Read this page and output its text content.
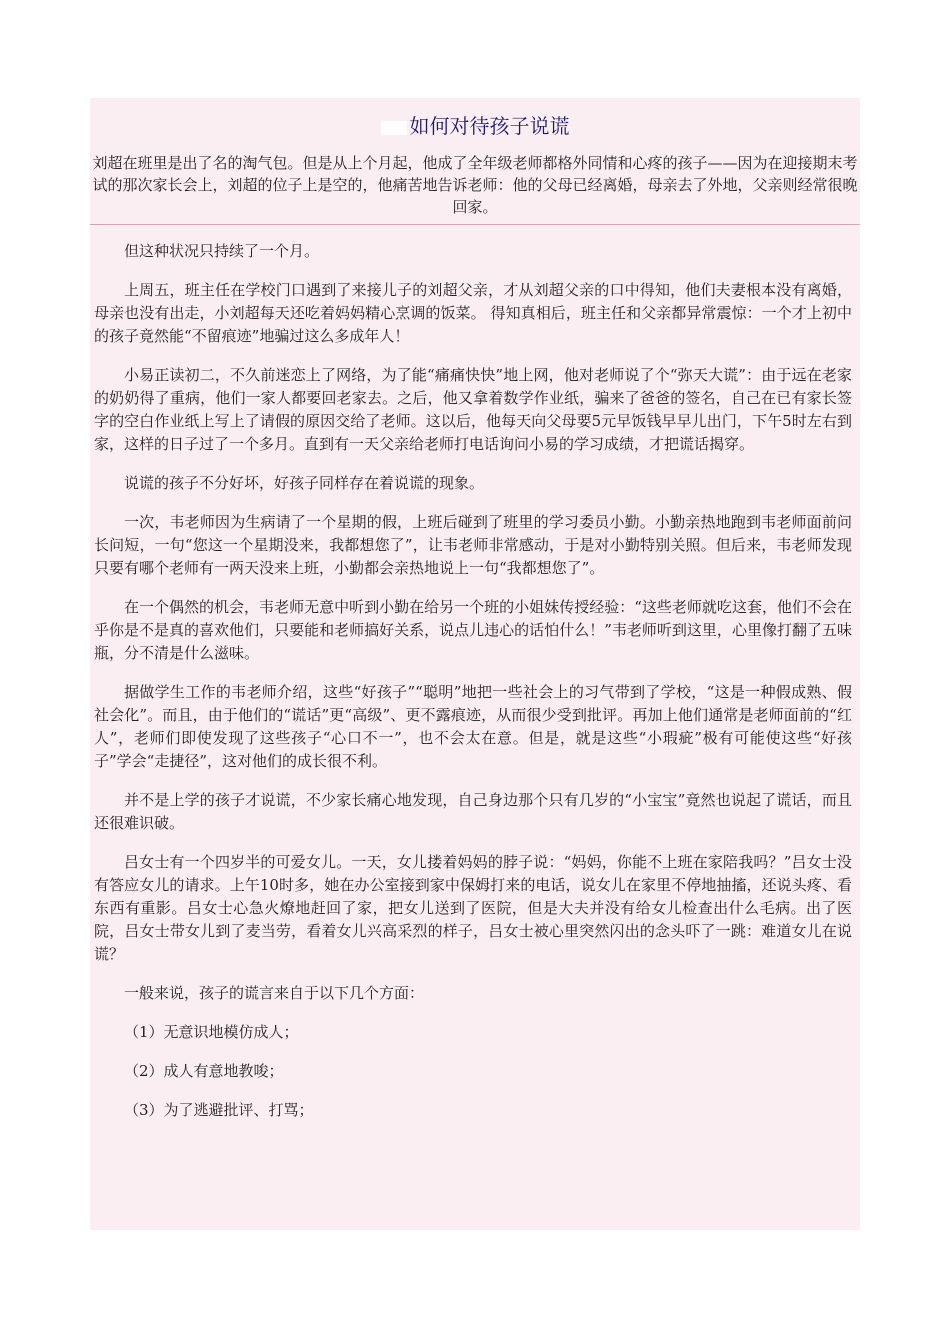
如何对待孩子说谎
刘超在班里是出了名的淘气包。但是从上个月起，他成了全年级老师都格外同情和心疼的孩子——因为在迎接期末考试的那次家长会上，刘超的位子上是空的，他痛苦地告诉老师：他的父母已经离婚，母亲去了外地，父亲则经常很晚回家。

但这种状况只持续了一个月。

上周五，班主任在学校门口遇到了来接儿子的刘超父亲，才从刘超父亲的口中得知，他们夫妻根本没有离婚，母亲也没有出走，小刘超每天还吃着妈妈精心烹调的饭菜。 得知真相后，班主任和父亲都异常震惊：一个才上初中的孩子竟然能“不留痕迹”地骗过这么多成年人！

小易正读初二，不久前迷恋上了网络，为了能“痛痛快快”地上网，他对老师说了个“弥天大谎”：由于远在老家的奶奶得了重病，他们一家人都要回老家去。之后，他又拿着数学作业纸，骗来了爸爸的签名，自己在已有家长签字的空白作业纸上写上了请假的原因交给了老师。这以后，他每天向父母要5元早饭钱早早儿出门，下午5时左右到家，这样的日子过了一个多月。直到有一天父亲给老师打电话询问小易的学习成绩，才把谎话揭穿。

说谎的孩子不分好坏，好孩子同样存在着说谎的现象。

一次，韦老师因为生病请了一个星期的假，上班后碰到了班里的学习委员小勤。小勤亲热地跑到韦老师面前问长问短，一句“您这一个星期没来，我都想您了”，让韦老师非常感动，于是对小勤特别关照。但后来，韦老师发现只要有哪个老师有一两天没来上班，小勤都会亲热地说上一句“我都想您了”。

在一个偶然的机会，韦老师无意中听到小勤在给另一个班的小姐妹传授经验：“这些老师就吃这套，他们不会在乎你是不是真的喜欢他们，只要能和老师搞好关系，说点儿违心的话怕什么！”韦老师听到这里，心里像打翻了五味瓶，分不清是什么滋味。

据做学生工作的韦老师介绍，这些“好孩子”“聪明”地把一些社会上的习气带到了学校，“这是一种假成熟、假社会化”。而且，由于他们的“谎话”更“高级”、更不露痕迹，从而很少受到批评。再加上他们通常是老师面前的“红人”，老师们即使发现了这些孩子“心口不一”，也不会太在意。但是，就是这些“小瑕疵”极有可能使这些“好孩子”学会“走捷径”，这对他们的成长很不利。

并不是上学的孩子才说谎，不少家长痛心地发现，自己身边那个只有几岁的“小宝宝”竟然也说起了谎话，而且还很难识破。

吕女士有一个四岁半的可爱女儿。一天，女儿搂着妈妈的脖子说：“妈妈，你能不上班在家陪我吗？”吕女士没有答应女儿的请求。上午10时多，她在办公室接到家中保姆打来的电话，说女儿在家里不停地抽搐，还说头疼、看东西有重影。吕女士心急火燎地赶回了家，把女儿送到了医院，但是大夫并没有给女儿检查出什么毛病。出了医院，吕女士带女儿到了麦当劳，看着女儿兴高采烈的样子，吕女士被心里突然闪出的念头吓了一跳：难道女儿在说谎？

一般来说，孩子的谎言来自于以下几个方面：

（1）无意识地模仿成人；

（2）成人有意地教唆；

（3）为了逃避批评、打骂；
